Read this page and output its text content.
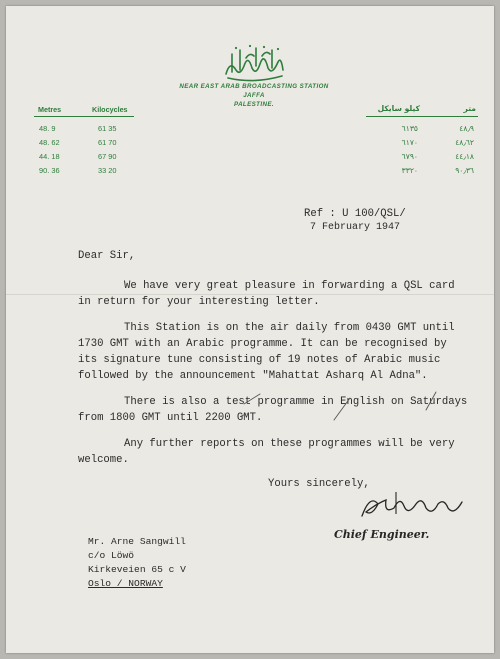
NEAR EAST ARAB BROADCASTING STATION
JAFFA
PALESTINE.
Metres	Kilocycles
48. 9	61 35
48. 62	61 70
44. 18	67 90
90. 36	33 20
كيلو سايكل	متر
٦١٣٥	٤٨٫٩
٦١٧٠	٤٨٫٦٢
٦٧٩٠	٤٤٫١٨
٣٣٢٠	٩٠٫٣٦
Ref : U 100/QSL/
7 February 1947
Dear Sir,
We have very great pleasure in forwarding a QSL card
in return for your interesting letter.
This Station is on the air daily from 0430 GMT until
1730 GMT with an Arabic programme. It can be recognised by
its signature tune consisting of 19 notes of Arabic music
followed by the announcement "Mahattat Asharq Al Adna".
There is also a test programme in English on Saturdays
from 1800 GMT until 2200 GMT.
Any further reports on these programmes will be very
welcome.
Yours sincerely,
Chief Engineer.
Mr. Arne Sangwill
c/o Löwö
Kirkeveien 65 c V
Oslo / NORWAY
